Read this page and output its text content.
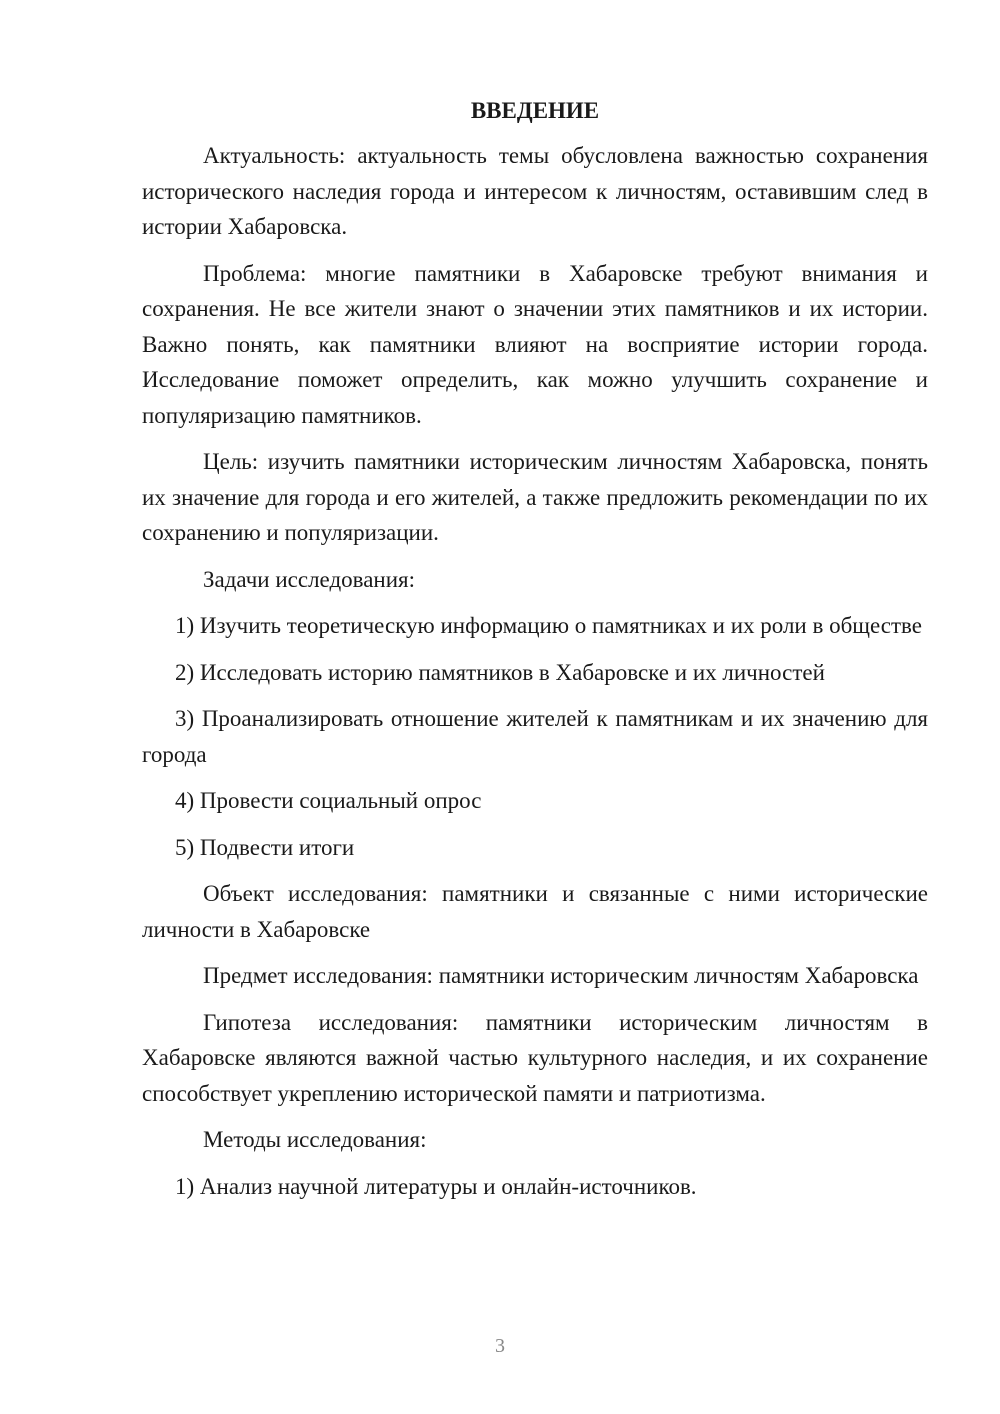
ВВЕДЕНИЕ

Актуальность: актуальность темы обусловлена важностью сохранения исторического наследия города и интересом к личностям, оставившим след в истории Хабаровска.

Проблема: многие памятники в Хабаровске требуют внимания и сохранения. Не все жители знают о значении этих памятников и их истории. Важно понять, как памятники влияют на восприятие истории города. Исследование поможет определить, как можно улучшить сохранение и популяризацию памятников.

Цель: изучить памятники историческим личностям Хабаровска, понять их значение для города и его жителей, а также предложить рекомендации по их сохранению и популяризации.

Задачи исследования:

1) Изучить теоретическую информацию о памятниках и их роли в обществе

2) Исследовать историю памятников в Хабаровске и их личностей

3) Проанализировать отношение жителей к памятникам и их значению для города

4) Провести социальный опрос

5) Подвести итоги

Объект исследования: памятники и связанные с ними исторические личности в Хабаровске

Предмет исследования: памятники историческим личностям Хабаровска

Гипотеза исследования: памятники историческим личностям в Хабаровске являются важной частью культурного наследия, и их сохранение способствует укреплению исторической памяти и патриотизма.

Методы исследования:

1) Анализ научной литературы и онлайн-источников.

3
